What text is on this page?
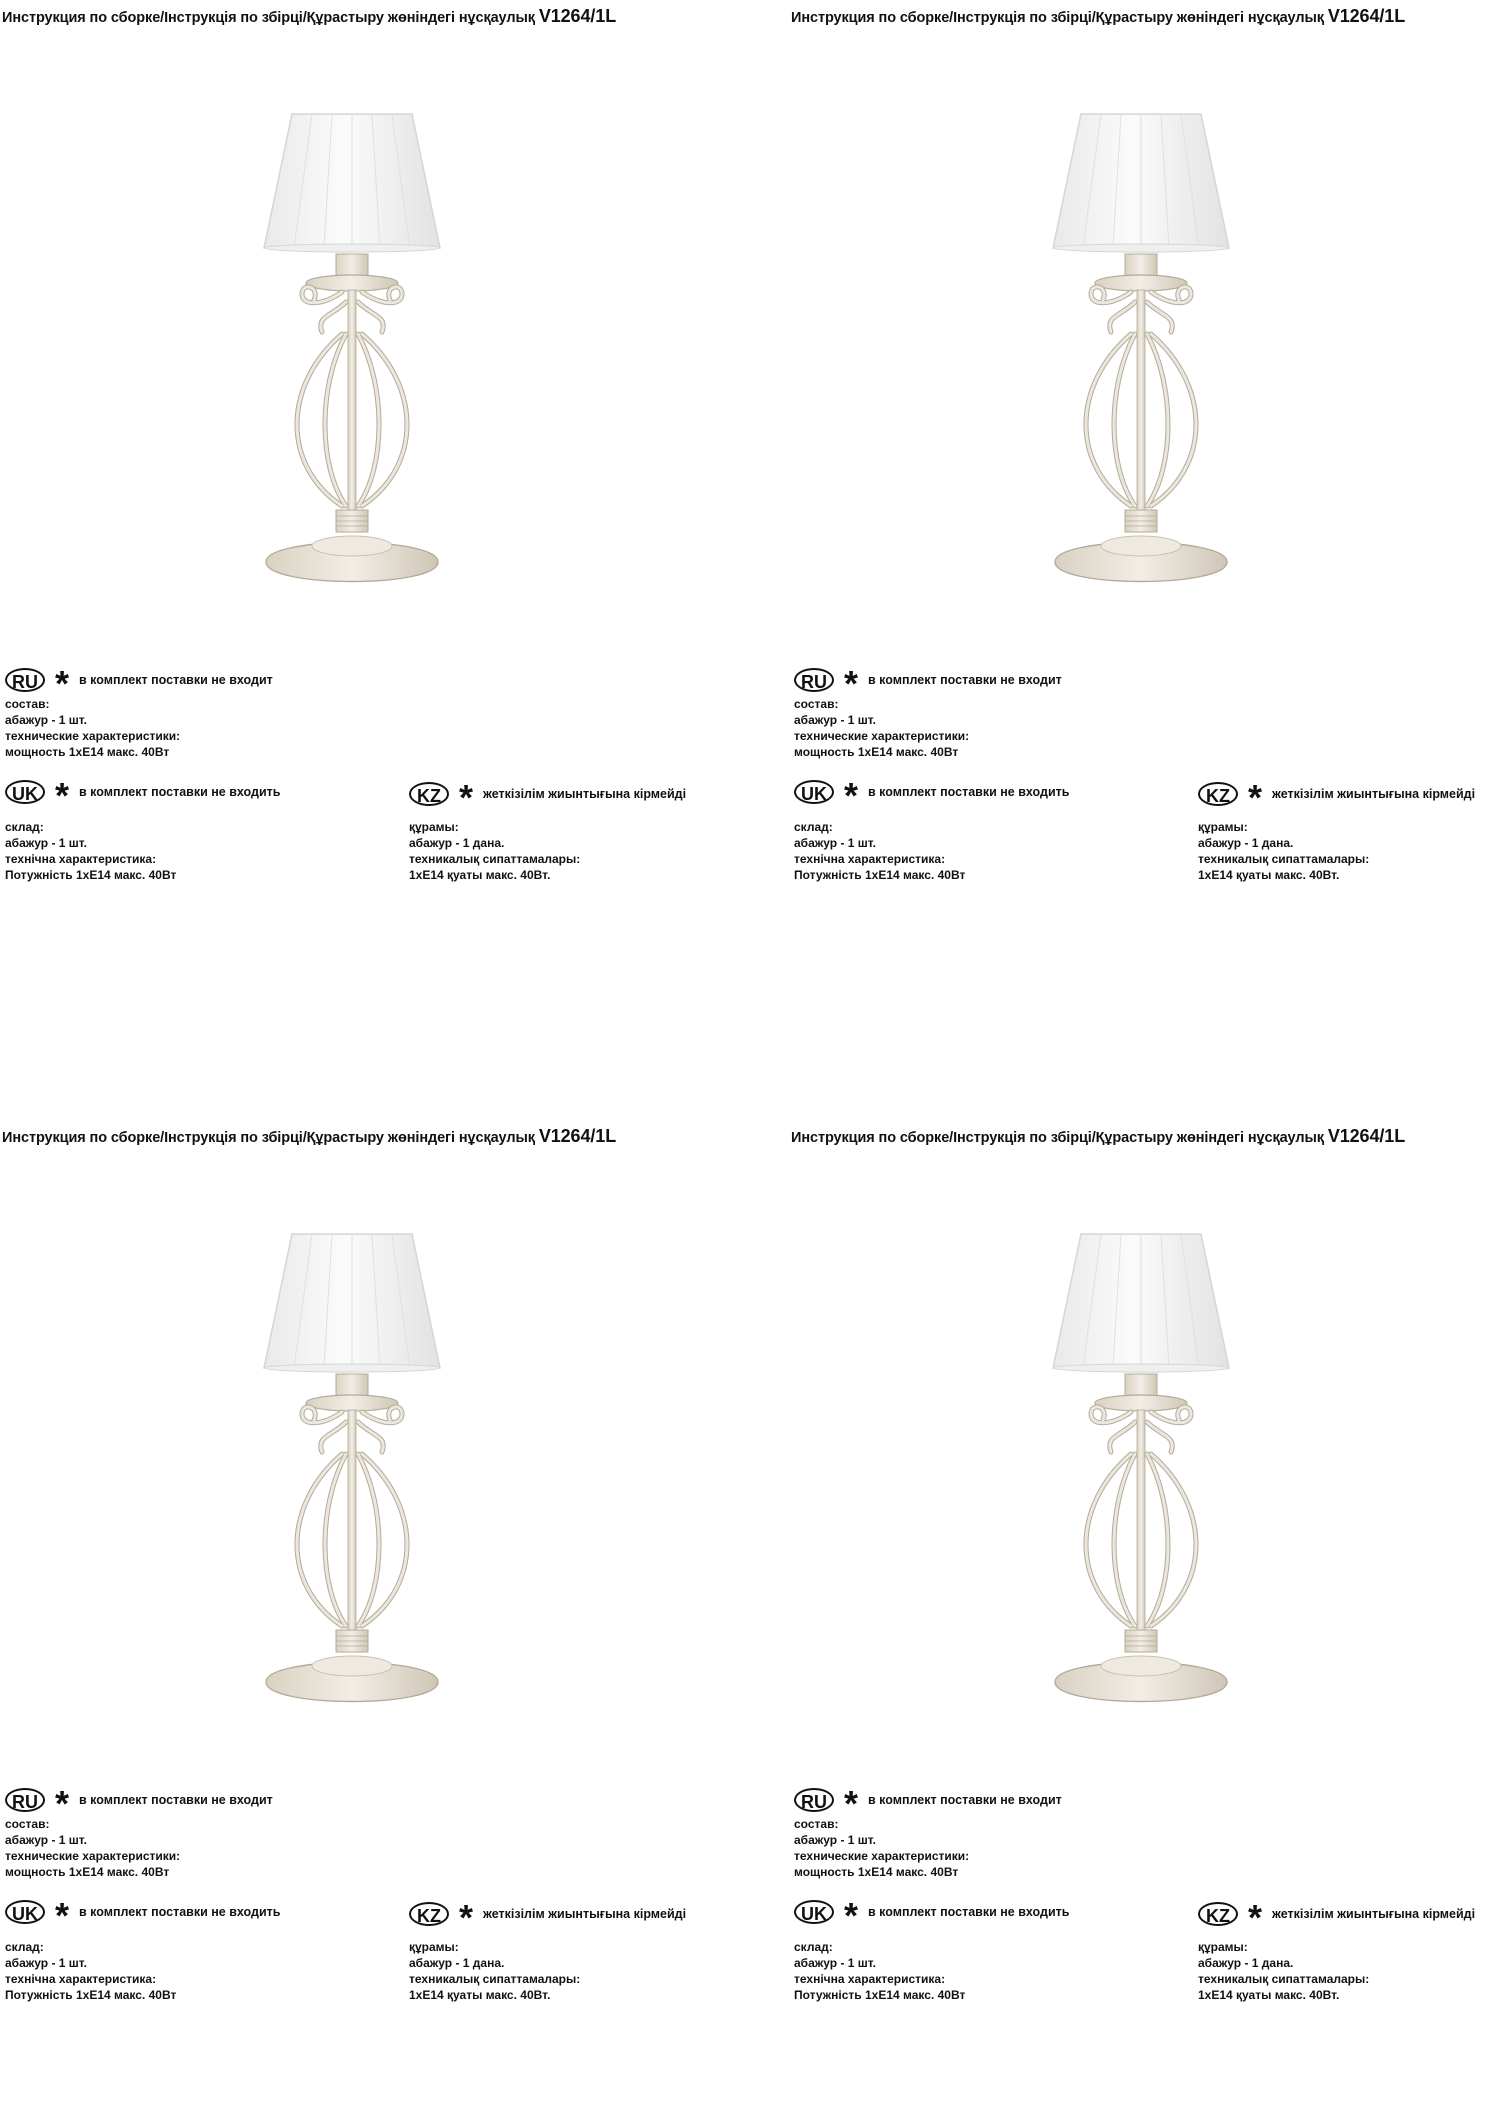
Инструкция по сборке/Інструкція по збірці/Құрастыру жөніндегі нұсқаулық V1264/1L
RU * в комплект поставки не входит
состав:
абажур - 1 шт.
технические характеристики:
мощность 1хЕ14 макс. 40Вт
UK * в комплект поставки не входить
склад:
абажур - 1 шт.
технічна характеристика:
Потужність 1хЕ14 макс. 40Вт
KZ * жеткізілім жиынтығына кірмейді
құрамы:
абажур - 1 дана.
техникалық сипаттамалары:
1хЕ14 қуаты макс. 40Вт.
Инструкция по сборке/Інструкція по збірці/Құрастыру жөніндегі нұсқаулық V1264/1L
RU * в комплект поставки не входит
состав:
абажур - 1 шт.
технические характеристики:
мощность 1хЕ14 макс. 40Вт
UK * в комплект поставки не входить
склад:
абажур - 1 шт.
технічна характеристика:
Потужність 1хЕ14 макс. 40Вт
KZ * жеткізілім жиынтығына кірмейді
құрамы:
абажур - 1 дана.
техникалық сипаттамалары:
1хЕ14 қуаты макс. 40Вт.
Инструкция по сборке/Інструкція по збірці/Құрастыру жөніндегі нұсқаулық V1264/1L
RU * в комплект поставки не входит
состав:
абажур - 1 шт.
технические характеристики:
мощность 1хЕ14 макс. 40Вт
UK * в комплект поставки не входить
склад:
абажур - 1 шт.
технічна характеристика:
Потужність 1хЕ14 макс. 40Вт
KZ * жеткізілім жиынтығына кірмейді
құрамы:
абажур - 1 дана.
техникалық сипаттамалары:
1хЕ14 қуаты макс. 40Вт.
Инструкция по сборке/Інструкція по збірці/Құрастыру жөніндегі нұсқаулық V1264/1L
RU * в комплект поставки не входит
состав:
абажур - 1 шт.
технические характеристики:
мощность 1хЕ14 макс. 40Вт
UK * в комплект поставки не входить
склад:
абажур - 1 шт.
технічна характеристика:
Потужність 1хЕ14 макс. 40Вт
KZ * жеткізілім жиынтығына кірмейді
құрамы:
абажур - 1 дана.
техникалық сипаттамалары:
1хЕ14 қуаты макс. 40Вт.
